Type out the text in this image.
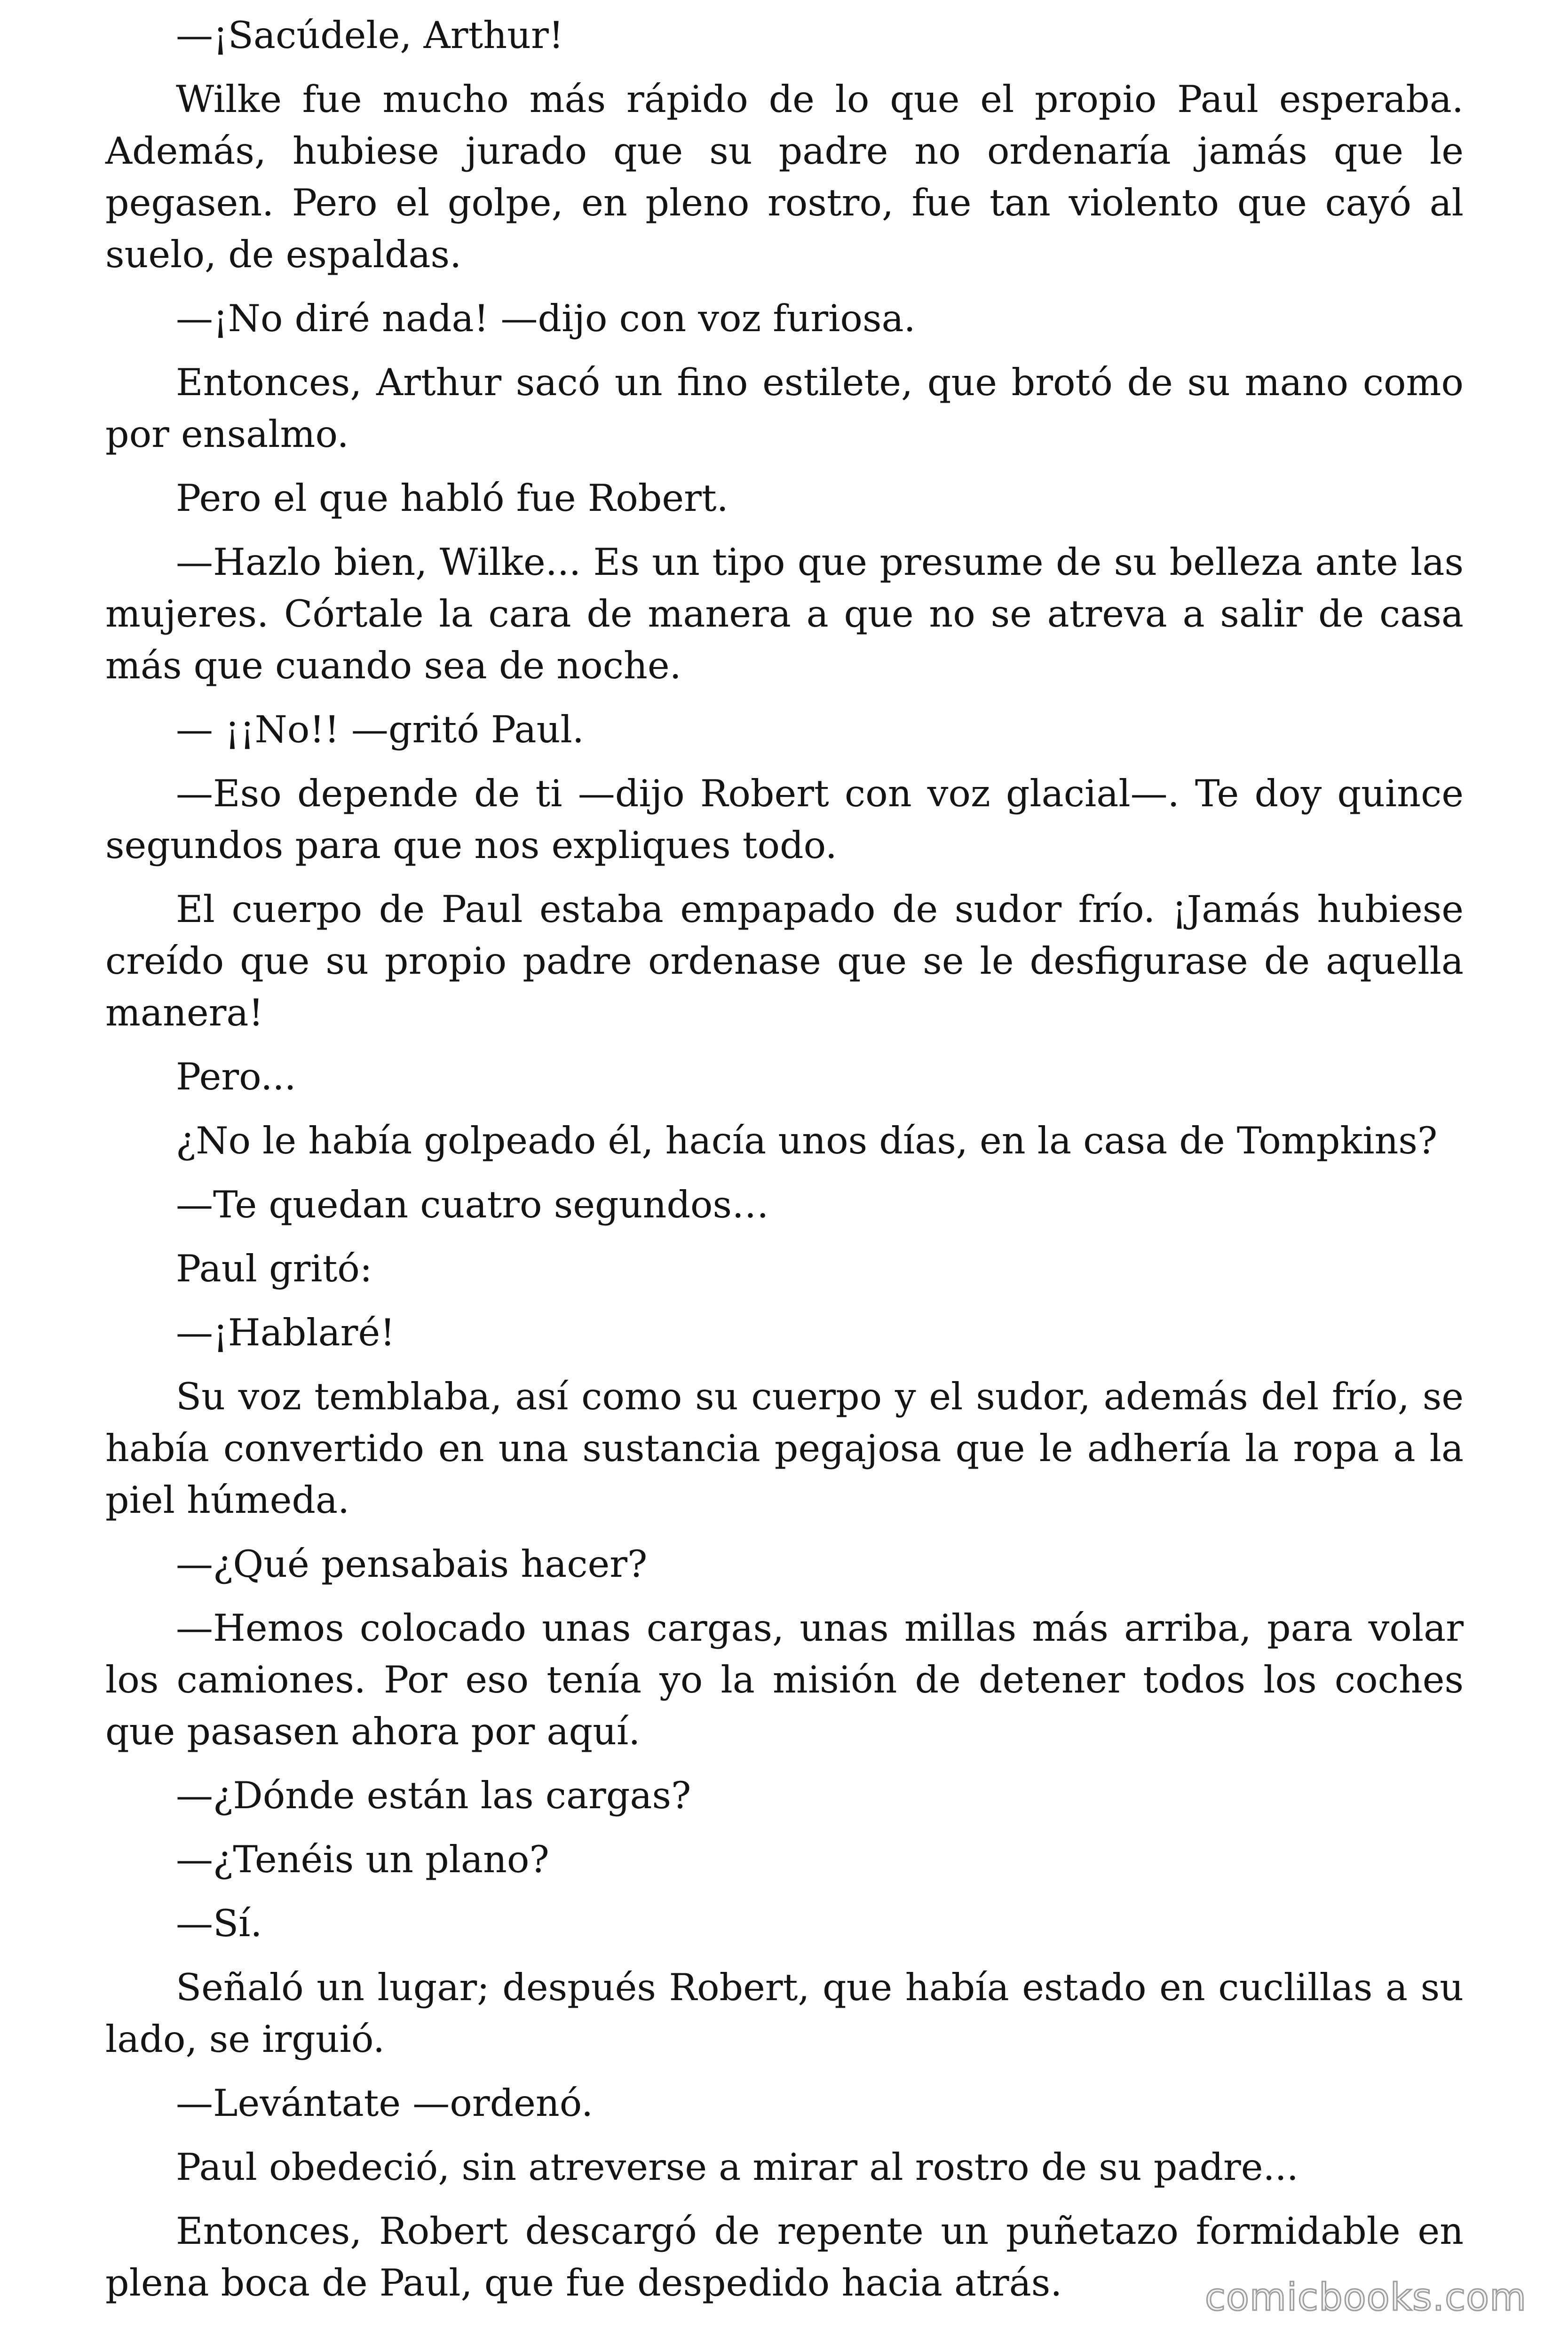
—¡Sacúdele, Arthur!

Wilke fue mucho más rápido de lo que el propio Paul esperaba. Además, hubiese jurado que su padre no ordenaría jamás que le pegasen. Pero el golpe, en pleno rostro, fue tan violento que cayó al suelo, de espaldas.

—¡No diré nada! —dijo con voz furiosa.

Entonces, Arthur sacó un fino estilete, que brotó de su mano como por ensalmo.

Pero el que habló fue Robert.

—Hazlo bien, Wilke... Es un tipo que presume de su belleza ante las mujeres. Córtale la cara de manera a que no se atreva a salir de casa más que cuando sea de noche.

— ¡¡No!! —gritó Paul.

—Eso depende de ti —dijo Robert con voz glacial—. Te doy quince segundos para que nos expliques todo.

El cuerpo de Paul estaba empapado de sudor frío. ¡Jamás hubiese creído que su propio padre ordenase que se le desfigurase de aquella manera!

Pero...

¿No le había golpeado él, hacía unos días, en la casa de Tompkins?

—Te quedan cuatro segundos…

Paul gritó:

—¡Hablaré!

Su voz temblaba, así como su cuerpo y el sudor, además del frío, se había convertido en una sustancia pegajosa que le adhería la ropa a la piel húmeda.

—¿Qué pensabais hacer?

—Hemos colocado unas cargas, unas millas más arriba, para volar los camiones. Por eso tenía yo la misión de detener todos los coches que pasasen ahora por aquí.

—¿Dónde están las cargas?

—¿Tenéis un plano?

—Sí.

Señaló un lugar; después Robert, que había estado en cuclillas a su lado, se irguió.

—Levántate —ordenó.

Paul obedeció, sin atreverse a mirar al rostro de su padre...

Entonces, Robert descargó de repente un puñetazo formidable en plena boca de Paul, que fue despedido hacia atrás.	comicbooks.com
